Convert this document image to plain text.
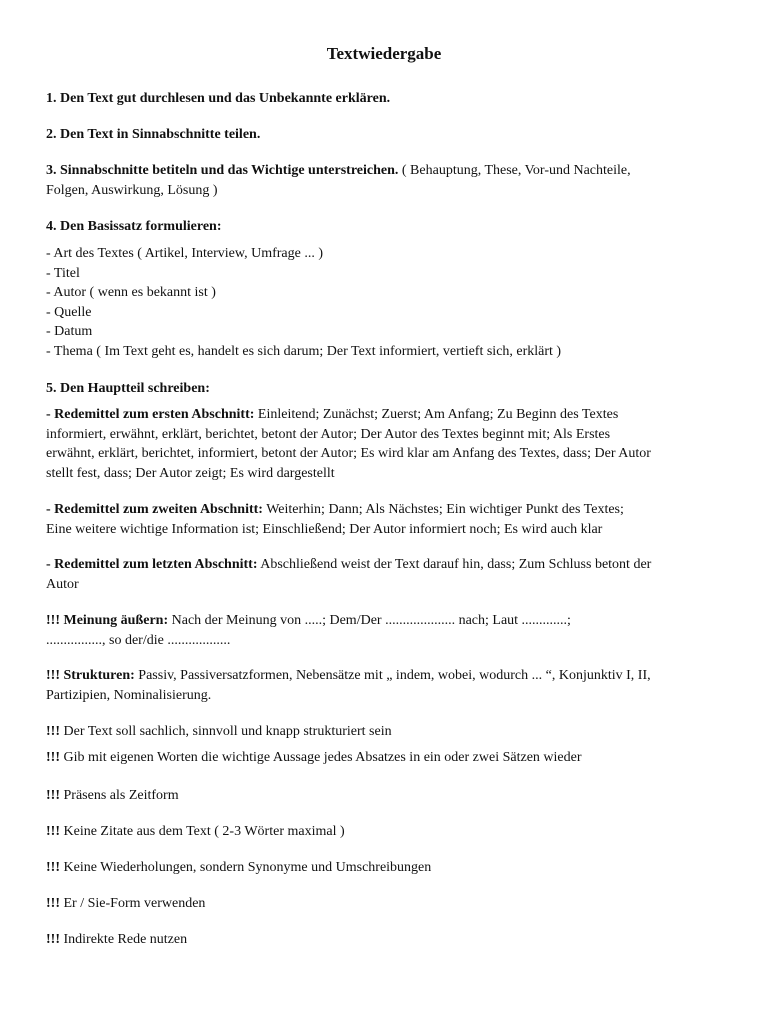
Textwiedergabe
1. Den Text gut durchlesen und das Unbekannte erklären.
2. Den Text in Sinnabschnitte teilen.
3. Sinnabschnitte betiteln und das Wichtige unterstreichen. ( Behauptung, These, Vor-und Nachteile,
Folgen, Auswirkung, Lösung )
4. Den Basissatz formulieren:
- Art des Textes ( Artikel, Interview, Umfrage ... )
- Titel
- Autor ( wenn es bekannt ist )
- Quelle
- Datum
- Thema ( Im Text geht es, handelt es sich darum; Der Text informiert, vertieft sich, erklärt )
5. Den Hauptteil schreiben:
- Redemittel zum ersten Abschnitt: Einleitend; Zunächst; Zuerst; Am Anfang; Zu Beginn des Textes
informiert, erwähnt, erklärt, berichtet, betont der Autor; Der Autor des Textes beginnt mit; Als Erstes
erwähnt, erklärt, berichtet, informiert, betont der Autor; Es wird klar am Anfang des Textes, dass; Der Autor
stellt fest, dass; Der Autor zeigt; Es wird dargestellt
- Redemittel zum zweiten Abschnitt: Weiterhin; Dann; Als Nächstes; Ein wichtiger Punkt des Textes;
Eine weitere wichtige Information ist; Einschließend; Der Autor informiert noch; Es wird auch klar
- Redemittel zum letzten Abschnitt: Abschließend weist der Text darauf hin, dass; Zum Schluss betont der
Autor
!!! Meinung äußern: Nach der Meinung von .....; Dem/Der .................... nach; Laut .............;
................, so der/die ..................
!!! Strukturen: Passiv, Passiversatzformen, Nebensätze mit „ indem, wobei, wodurch ... “, Konjunktiv I, II,
Partizipien, Nominalisierung.
!!! Der Text soll sachlich, sinnvoll und knapp strukturiert sein
!!! Gib mit eigenen Worten die wichtige Aussage jedes Absatzes in ein oder zwei Sätzen wieder
!!! Präsens als Zeitform
!!! Keine Zitate aus dem Text ( 2-3 Wörter maximal )
!!! Keine Wiederholungen, sondern Synonyme und Umschreibungen
!!! Er / Sie-Form verwenden
!!! Indirekte Rede nutzen
